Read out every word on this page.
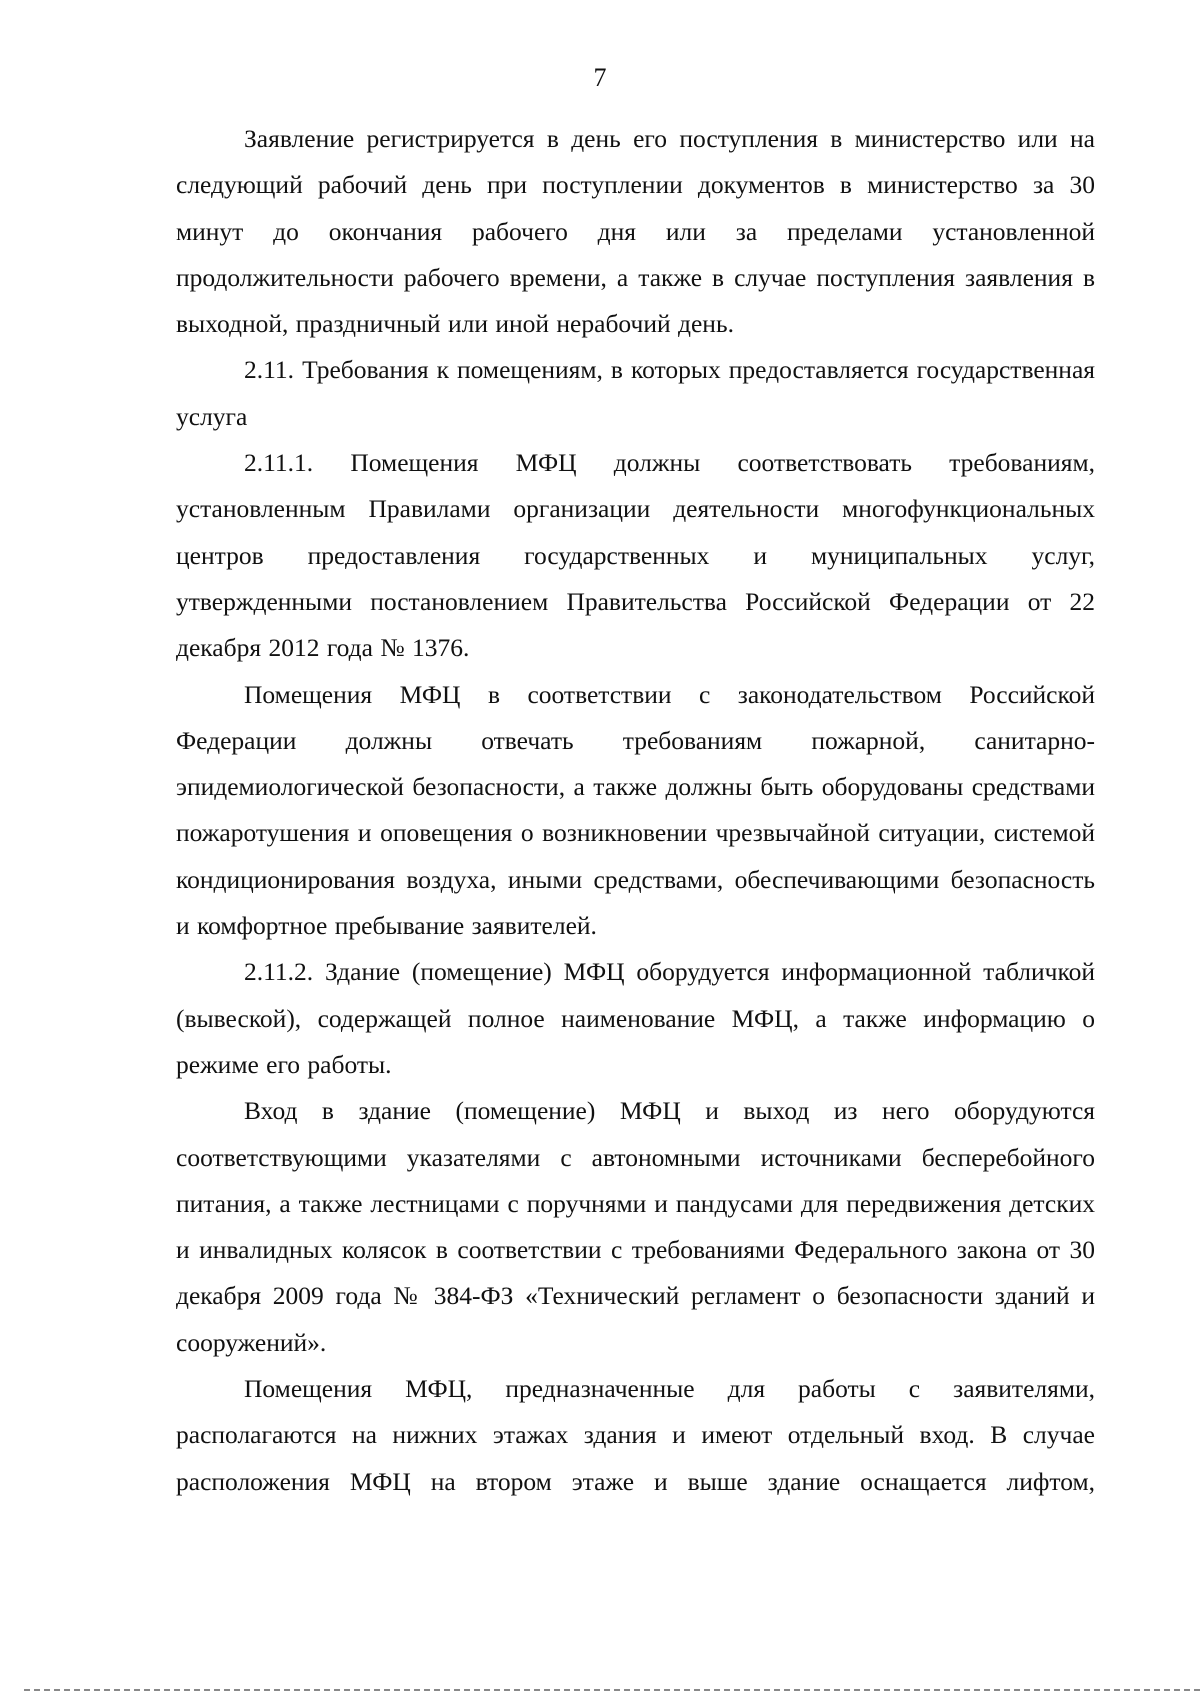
7

Заявление регистрируется в день его поступления в министерство или на следующий рабочий день при поступлении документов в министерство за 30 минут до окончания рабочего дня или за пределами установленной продолжительности рабочего времени, а также в случае поступления заявления в выходной, праздничный или иной нерабочий день.

2.11. Требования к помещениям, в которых предоставляется государственная услуга

2.11.1. Помещения МФЦ должны соответствовать требованиям, установленным Правилами организации деятельности многофункциональных центров предоставления государственных и муниципальных услуг, утвержденными постановлением Правительства Российской Федерации от 22 декабря 2012 года № 1376.

Помещения МФЦ в соответствии с законодательством Российской Федерации должны отвечать требованиям пожарной, санитарно-эпидемиологической безопасности, а также должны быть оборудованы средствами пожаротушения и оповещения о возникновении чрезвычайной ситуации, системой кондиционирования воздуха, иными средствами, обеспечивающими безопасность и комфортное пребывание заявителей.

2.11.2. Здание (помещение) МФЦ оборудуется информационной табличкой (вывеской), содержащей полное наименование МФЦ, а также информацию о режиме его работы.

Вход в здание (помещение) МФЦ и выход из него оборудуются соответствующими указателями с автономными источниками бесперебойного питания, а также лестницами с поручнями и пандусами для передвижения детских и инвалидных колясок в соответствии с требованиями Федерального закона от 30 декабря 2009 года № 384-ФЗ «Технический регламент о безопасности зданий и сооружений».

Помещения МФЦ, предназначенные для работы с заявителями, располагаются на нижних этажах здания и имеют отдельный вход. В случае расположения МФЦ на втором этаже и выше здание оснащается лифтом,
